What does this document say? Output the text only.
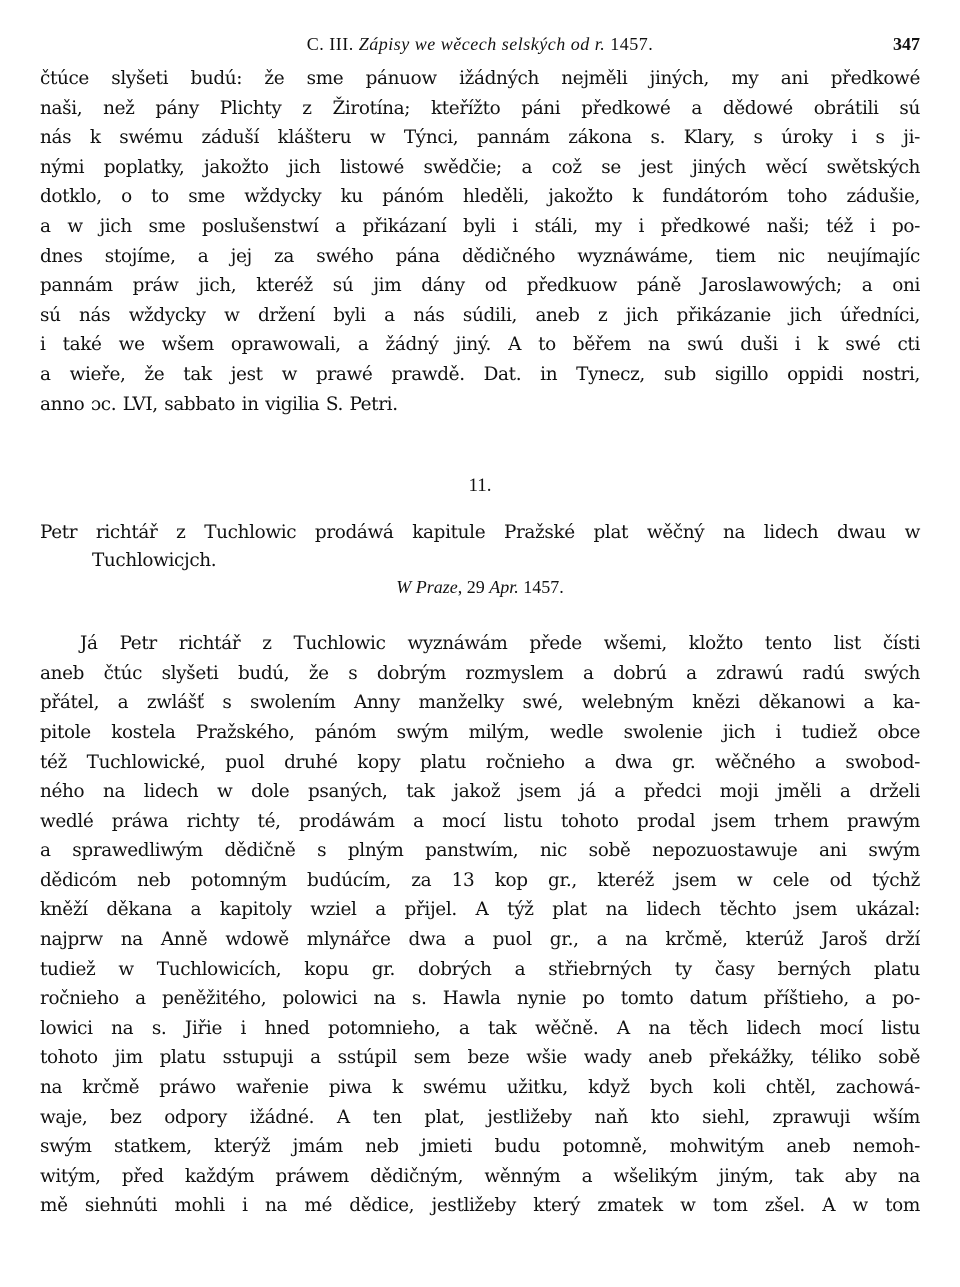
C. III. Zápisy we wěcech selských od r. 1457.	347
čtúce slyšeti budú: že sme pánuow ižádných nejměli jiných, my ani předkowé
naši, než pány Plichty z Žirotína; kteřížto páni předkowé a dědowé obrátili sú
nás k swému záduší klášteru w Týnci, pannám zákona s. Klary, s úroky i s ji-
nými poplatky, jakožto jich listowé swědčie; a což se jest jiných wěcí swětských
dotklo, o to sme wždycky ku pánóm hleděli, jakožto k fundátoróm toho zádušie,
a w jich sme poslušenstwí a přikázaní byli i stáli, my i předkowé naši; též i po-
dnes stojíme, a jej za swého pána dědičného wyznáwáme, tiem nic neujímajíc
pannám práw jich, kteréž sú jim dány od předkuow páně Jaroslawowých; a oni
sú nás wždycky w držení byli a nás súdili, aneb z jich přikázanie jich úředníci,
i také we wšem oprawowali, a žádný jiný. A to běřem na swú duši i k swé cti
a wieře, že tak jest w prawé prawdě. Dat. in Tynecz, sub sigillo oppidi nostri,
anno ɔc. LVI, sabbato in vigilia S. Petri.
11.
Petr richtář z Tuchlowic prodáwá kapitule Pražské plat wěčný na lidech dwau w
Tuchlowicjch.
W Praze, 29 Apr. 1457.
Já Petr richtář z Tuchlowic wyznáwám přede wšemi, kložto tento list čísti
aneb čtúc slyšeti budú, že s dobrým rozmyslem a dobrú a zdrawú radú swých
přátel, a zwlášť s swolením Anny manželky swé, welebným knězi děkanowi a ka-
pitole kostela Pražského, pánóm swým milým, wedle swolenie jich i tudiež obce
též Tuchlowické, puol druhé kopy platu ročnieho a dwa gr. wěčného a swobod-
ného na lidech w dole psaných, tak jakož jsem já a předci moji jměli a drželi
wedlé práwa richty té, prodáwám a mocí listu tohoto prodal jsem trhem prawým
a sprawedliwým dědičně s plným panstwím, nic sobě nepozuostawuje ani swým
dědicóm neb potomným budúcím, za 13 kop gr., kteréž jsem w cele od týchž
kněží děkana a kapitoly wziel a přijel. A týž plat na lidech těchto jsem ukázal:
najprw na Anně wdowě mlynářce dwa a puol gr., a na krčmě, kterúž Jaroš drží
tudiež w Tuchlowicích, kopu gr. dobrých a střiebrných ty časy berných platu
ročnieho a peněžitého, polowici na s. Hawla nynie po tomto datum příštieho, a po-
lowici na s. Jiřie i hned potomnieho, a tak wěčně. A na těch lidech mocí listu
tohoto jim platu sstupuji a sstúpil sem beze wšie wady aneb překážky, téliko sobě
na krčmě práwo wařenie piwa k swému užitku, když bych koli chtěl, zachowá-
waje, bez odpory ižádné. A ten plat, jestližeby naň kto siehl, zprawuji wším
swým statkem, kterýž jmám neb jmieti budu potomně, mohwitým aneb nemoh-
witým, před každým práwem dědičným, wěnným a wšelikým jiným, tak aby na
mě siehnúti mohli i na mé dědice, jestližeby který zmatek w tom zšel. A w tom
